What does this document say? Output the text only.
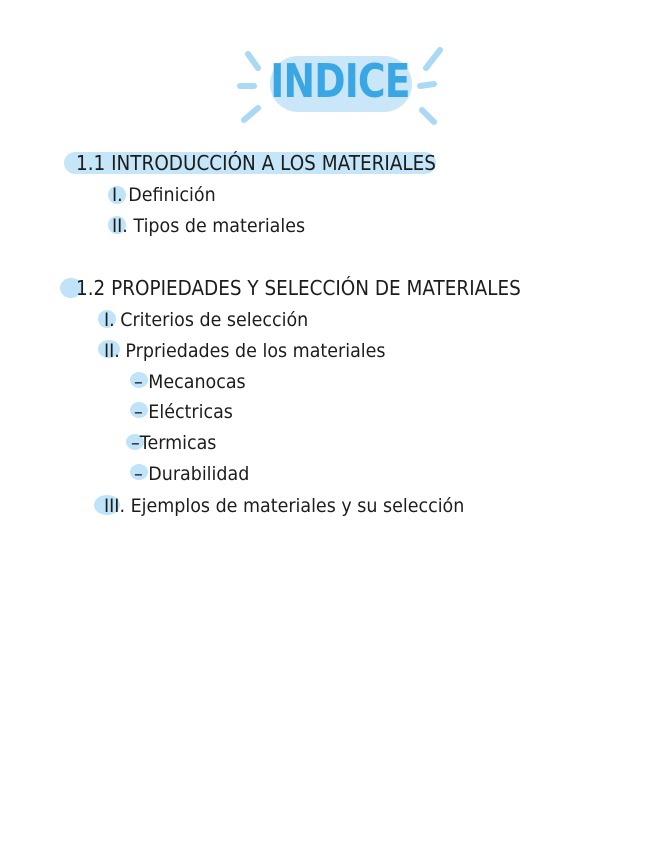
INDICE
1.1 INTRODUCCIÓN A LOS MATERIALES
I. Definición
II. Tipos de materiales
1.2 PROPIEDADES Y SELECCIÓN DE MATERIALES
I. Criterios de selección
II. Prpriedades de los materiales
– Mecanocas
– Eléctricas
–Termicas
– Durabilidad
III. Ejemplos de materiales y su selección
